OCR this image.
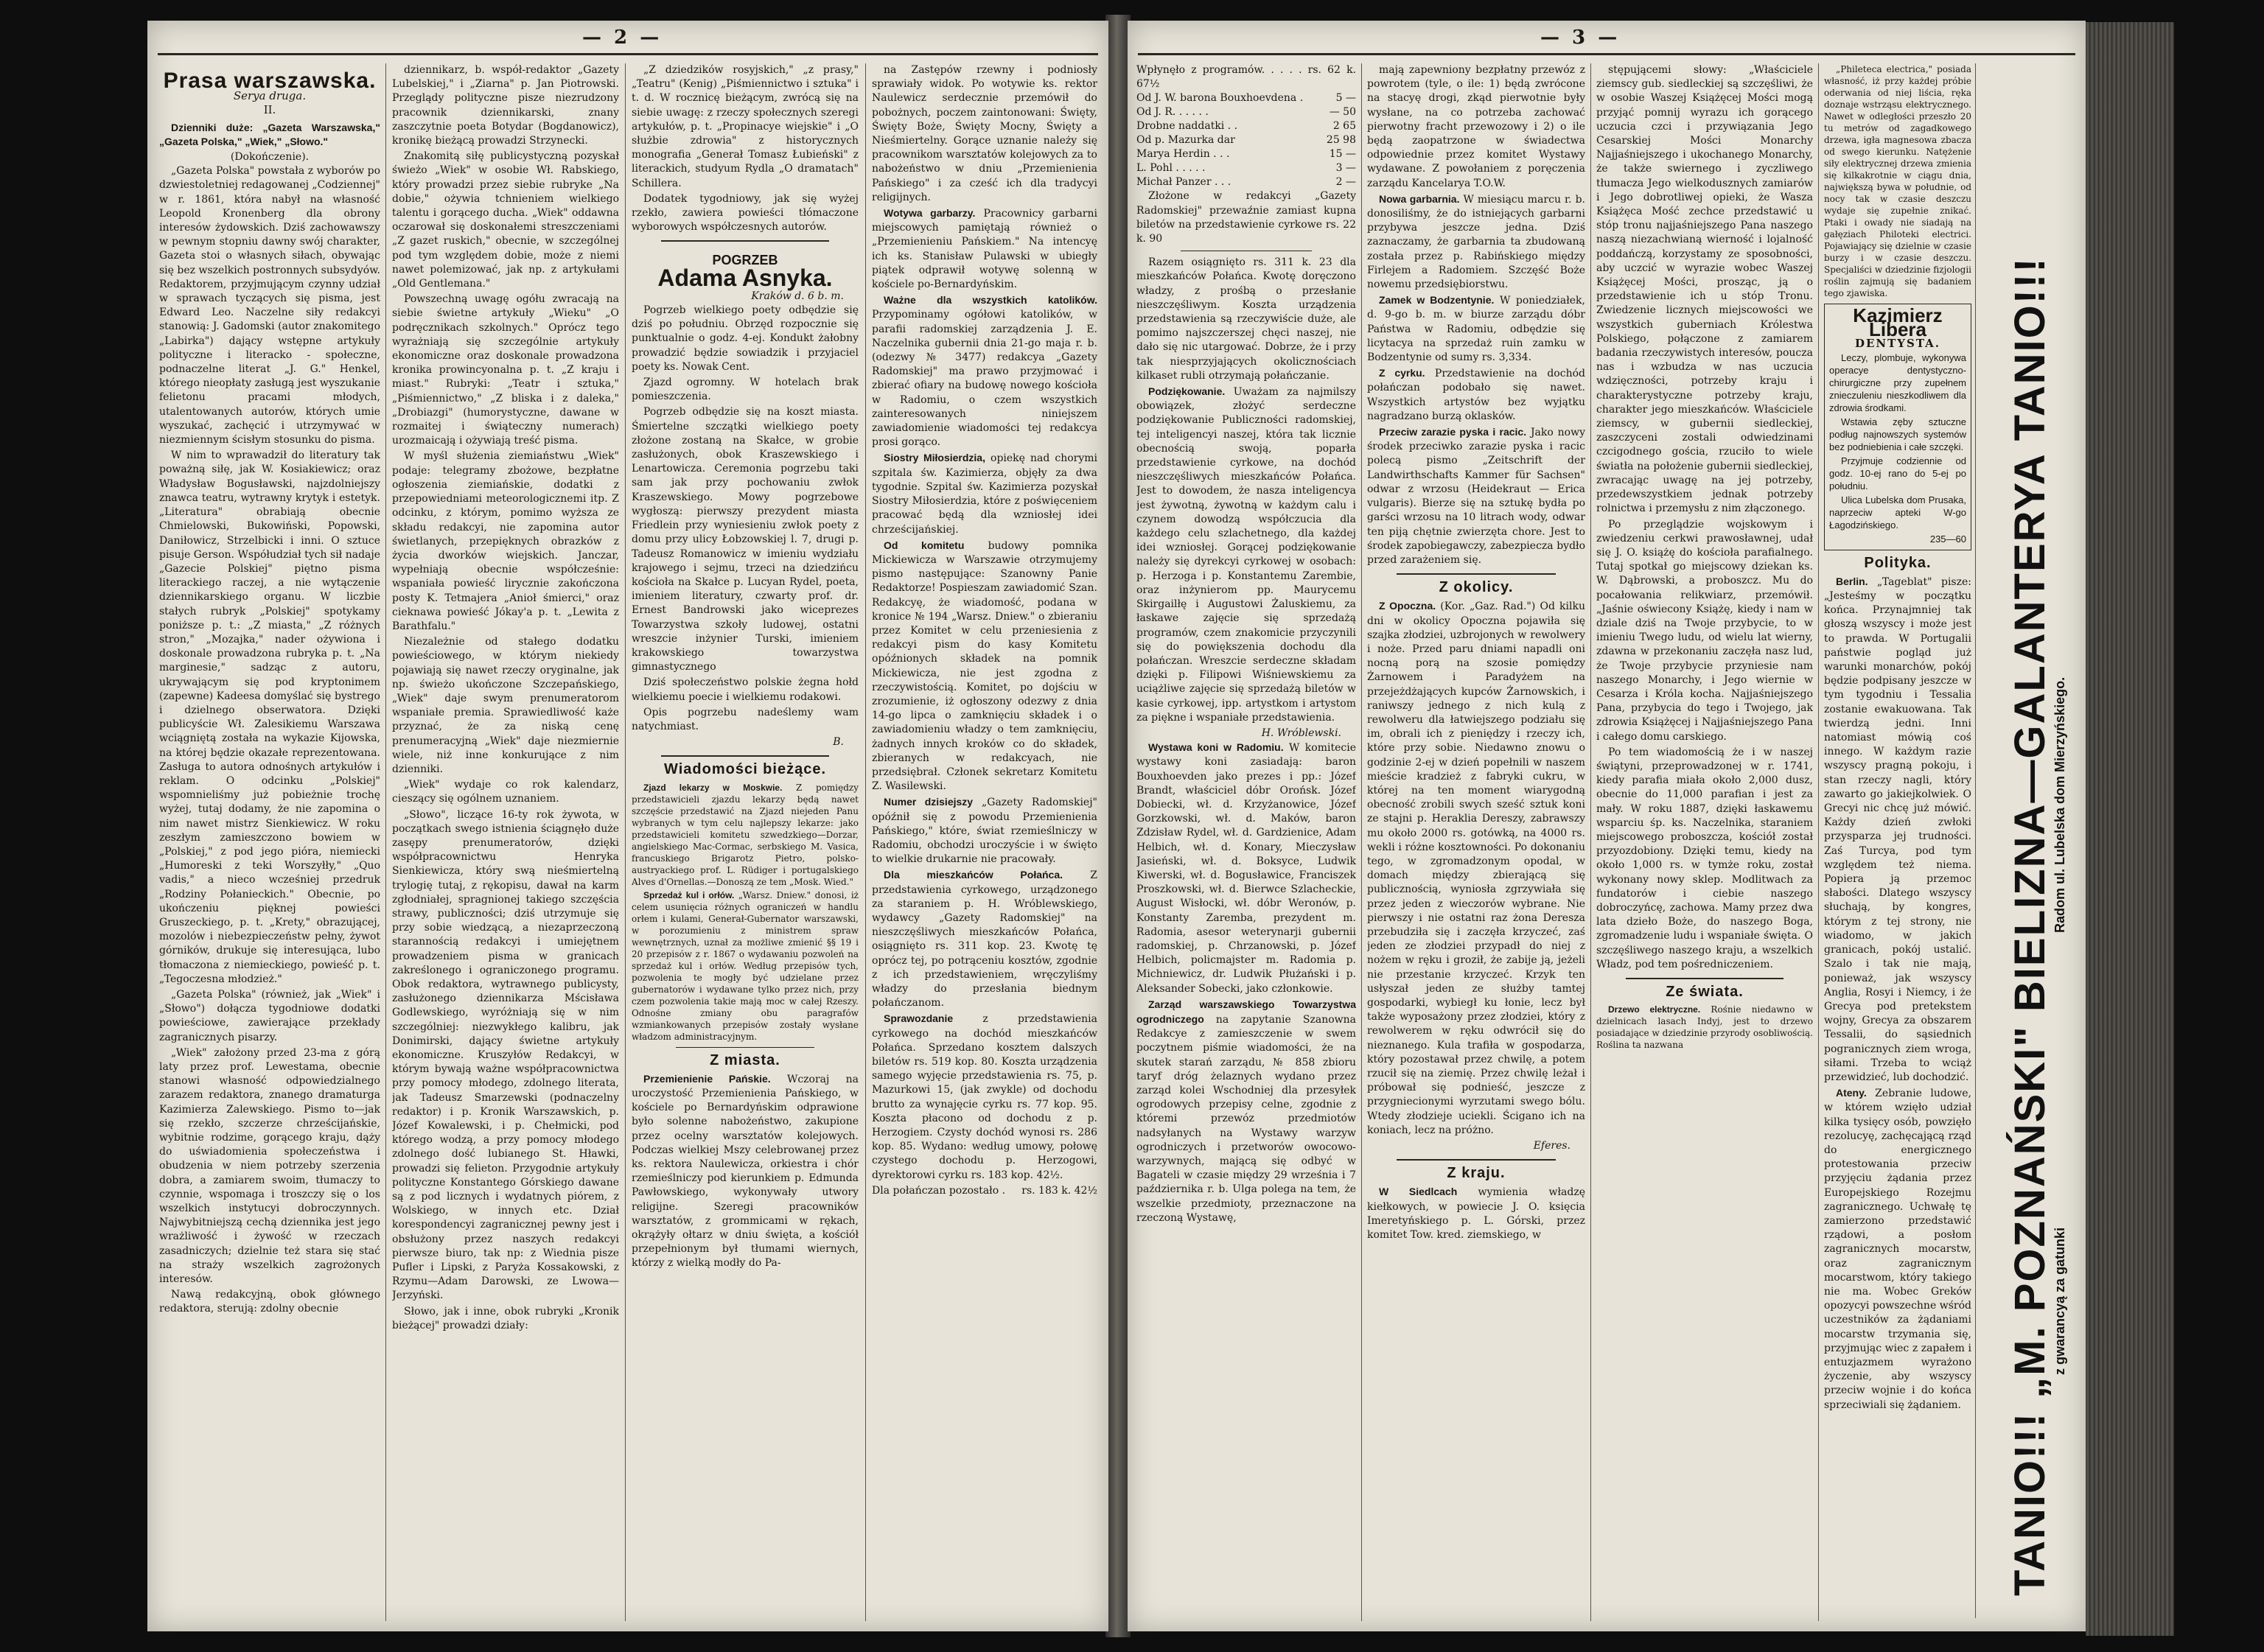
— 2 —
Prasa warszawska.
Serya druga.
II.

Dzienniki duże: „Gazeta Warszawska," „Gazeta Polska," „Wiek," „Słowo."

(Dokończenie).

„Gazeta Polska" powstała z wyborów po dzwiestoletniej redagowanej „Codziennej" w r. 1861, która nabył na własność Leopold Kronenberg dla obrony interesów żydowskich. Dziś zachowawszy w pewnym stopniu dawny swój charakter, Gazeta stoi o własnych siłach, obywając się bez wszelkich postronnych subsydyów. Redaktorem, przyjmującym czynny udział w sprawach tyczących się pisma, jest Edward Leo. Naczelne siły redakcyi stanowią: J. Gadomski (autor znakomitego „Labirka") dający wstępne artykuły polityczne i literacko - społeczne, podnaczelne literat „J. G." Henkel, którego nieopłaty zasługą jest wyszukanie felietonu pracami młodych, utalentowanych autorów, których umie wyszukać, zachęcić i utrzymywać w niezmiennym ścisłym stosunku do pisma.

W nim to wprawadził do literatury tak poważną siłę, jak W. Kosiakiewicz; oraz Władysław Bogusławski, najzdolniejszy znawca teatru, wytrawny krytyk i estetyk. „Literatura" obrabiają obecnie Chmielowski, Bukowiński, Popowski, Daniłowicz, Strzelbicki i inni. O sztuce pisuje Gerson. Współudział tych sił nadaje „Gazecie Polskiej" piętno pisma literackiego raczej, a nie wytączenie dziennikarskiego organu. W liczbie stałych rubryk „Polskiej" spotykamy poniższe p. t.: „Z miasta," „Z różnych stron," „Mozajka," nader ożywiona i doskonale prowadzona rubryka p. t. „Na marginesie," sadząc z autoru, ukrywającym się pod kryptonimem (zapewne) Kadeesa domyślać się bystrego i dzielnego obserwatora. Dzięki publicyście Wł. Zalesikiemu Warszawa wciągniętą została na wykazie Kijowska, na której będzie okazałe reprezentowana. Zasługa to autora odnośnych artykułów i reklam. O odcinku „Polskiej" wspomnieliśmy już pobieżnie trochę wyżej, tutaj dodamy, że nie zapomina o nim nawet mistrz Sienkiewicz. W roku zeszłym zamieszczono bowiem w „Polskiej," z pod jego pióra, niemiecki „Humoreski z teki Worszyłły," „Quo vadis," a nieco wcześniej przedruk „Rodziny Połanieckich." Obecnie, po ukończeniu pięknej powieści Gruszeckiego, p. t. „Krety," obrazującej, mozolów i niebezpieczeństw pełny, żywot górników, drukuje się interesująca, lubo tłomaczona z niemieckiego, powieść p. t. „Tegoczesna młodzież."

„Gazeta Polska" (również, jak „Wiek" i „Słowo") dołącza tygodniowe dodatki powieściowe, zawierające przekłady zagranicznych pisarzy.

„Wiek" założony przed 23-ma z górą laty przez prof. Lewestama, obecnie stanowi własność odpowiedzialnego zarazem redaktora, znanego dramaturga Kazimierza Zalewskiego. Pismo to—jak się rzekło, szczerze chrześcijańskie, wybitnie rodzime, gorącego kraju, dąży do uświadomienia społeczeństwa i obudzenia w niem potrzeby szerzenia dobra, a zamiarem swoim, tłumaczy to czynnie, wspomaga i troszczy się o los wszelkich instytucyi dobroczynnych. Najwybitniejszą cechą dziennika jest jego wrażliwość i żywość w rzeczach zasadniczych; dzielnie też stara się stać na straży wszelkich zagrożonych interesów.

Nawą redakcyjną, obok głównego redaktora, sterują: zdolny obecnie

dziennikarz, b. współ-redaktor „Gazety Lubelskiej," i „Ziarna" p. Jan Piotrowski. Przeglądy polityczne pisze niezrudzony pracownik dziennikarski, znany zaszczytnie poeta Botydar (Bogdanowicz), kronikę bieżącą prowadzi Strzynecki.

Znakomitą siłę publicystyczną pozyskał świeżo „Wiek" w osobie Wł. Rabskiego, który prowadzi przez siebie rubryke „Na dobie," ożywia tchnieniem wielkiego talentu i gorącego ducha. „Wiek" oddawna oczarował się doskonałemi streszczeniami „Z gazet ruskich," obecnie, w szczególnej pod tym względem dobie, może z niemi nawet polemizować, jak np. z artykułami „Old Gentlemana."

Powszechną uwagę ogółu zwracają na siebie świetne artykuły „Wieku" „O podręcznikach szkolnych." Oprócz tego wyrażniają się szczególnie artykuły ekonomiczne oraz doskonale prowadzona kronika prowincyonalna p. t. „Z kraju i miast." Rubryki: „Teatr i sztuka," „Piśmiennictwo," „Z bliska i z daleka," „Drobiazgi" (humorystyczne, dawane w rozmaitej i świąteczny numerach) urozmaicają i ożywiają treść pisma.

W myśl służenia ziemiaństwu „Wiek" podaje: telegramy zbożowe, bezpłatne ogłoszenia ziemiańskie, dodatki z przepowiedniami meteorologicznemi itp. Z odcinku, z którym, pomimo wyższa ze składu redakcyi, nie zapomina autor świetlanych, przepięknych obrazków z życia dworków wiejskich. Janczar, wypełniają obecnie współcześnie: wspaniała powieść lirycznie zakończona posty K. Tetmajera „Anioł śmierci," oraz cieknawa powieść Jókay'a p. t. „Lewita z Barathfalu."

Niezależnie od stałego dodatku powieściowego, w którym niekiedy pojawiają się nawet rzeczy oryginalne, jak np. świeżo ukończone Szczepańskiego, „Wiek" daje swym prenumeratorom wspaniałe premia. Sprawiedliwość każe przyznać, że za niską cenę prenumeracyjną „Wiek" daje niezmiernie wiele, niż inne konkurujące z nim dzienniki.

„Wiek" wydaje co rok kalendarz, cieszący się ogólnem uznaniem.

„Słowo", liczące 16-ty rok żywota, w początkach swego istnienia ściągnęło duże zasępy prenumeratorów, dzięki współpracownictwu Henryka Sienkiewicza, który swą nieśmiertelną trylogię tutaj, z rękopisu, dawał na karm zgłodniałej, spragnionej takiego szczęścia strawy, publiczności; dziś utrzymuje się przy sobie wiedzącą, a niezaprzeczoną starannością redakcyi i umiejętnem prowadzeniem pisma w granicach zakreślonego i ograniczonego programu. Obok redaktora, wytrawnego publicysty, zasłużonego dziennikarza Mścisława Godlewskiego, wyróżniają się w nim szczególniej: niezwykłego kalibru, jak Donimirski, dający świetne artykuły ekonomiczne. Kruszyłów Redakcyi, w którym bywają ważne współpracownictwa przy pomocy młodego, zdolnego literata, jak Tadeusz Smarzewski (podnaczelny redaktor) i p. Kronik Warszawskich, p. Józef Kowalewski, i p. Chełmicki, pod którego wodzą, a przy pomocy młodego zdolnego dość lubianego St. Hławki, prowadzi się felieton. Przygodnie artykuły polityczne Konstantego Górskiego dawane są z pod licznych i wydatnych piórem, z Wolskiego, w innych etc. Dział korespondencyi zagranicznej pewny jest i obsłużony przez naszych redakcyi pierwsze biuro, tak np: z Wiednia pisze Pufler i Lipski, z Paryża Kossakowski, z Rzymu—Adam Darowski, ze Lwowa—Jerzyński.

Słowo, jak i inne, obok rubryki „Kronik bieżącej" prowadzi działy:

„Z dziedzików rosyjskich," „z prasy," „Teatru" (Kenig) „Piśmiennictwo i sztuka" i t. d. W rocznicę bieżącym, zwrócą się na siebie uwagę: z rzeczy społecznych szeregi artykułów, p. t. „Propinacye wiejskie" i „O służbie zdrowia" z historycznych monografia „Generał Tomasz Łubieński" z literackich, studyum Rydla „O dramatach" Schillera.

Dodatek tygodniowy, jak się wyżej rzekło, zawiera powieści tłómaczone wyborowych współczesnych autorów.

POGRZEB
Adama Asnyka.
Kraków d. 6 b. m.

Pogrzeb wielkiego poety odbędzie się dziś po południu. Obrzęd rozpocznie się punktualnie o godz. 4-ej. Kondukt żałobny prowadzić będzie sowiadzik i przyjaciel poety ks. Nowak Cent.

Zjazd ogromny. W hotelach brak pomieszczenia.

Pogrzeb odbędzie się na koszt miasta. Śmiertelne szczątki wielkiego poety złożone zostaną na Skałce, w grobie zasłużonych, obok Kraszewskiego i Lenartowicza. Ceremonia pogrzebu taki sam jak przy pochowaniu zwłok Kraszewskiego. Mowy pogrzebowe wygłoszą: pierwszy prezydent miasta Friedlein przy wyniesieniu zwłok poety z domu przy ulicy Łobzowskiej l. 7, drugi p. Tadeusz Romanowicz w imieniu wydziału krajowego i sejmu, trzeci na dziedzińcu kościoła na Skałce p. Lucyan Rydel, poeta, imieniem literatury, czwarty prof. dr. Ernest Bandrowski jako wiceprezes Towarzystwa szkoły ludowej, ostatni wreszcie inżynier Turski, imieniem krakowskiego towarzystwa gimnastycznego

Dziś społeczeństwo polskie żegna hołd wielkiemu poecie i wielkiemu rodakowi.

Opis pogrzebu nadeślemy wam natychmiast.

B.
Wiadomości bieżące.

Zjazd lekarzy w Moskwie. Z pomiędzy przedstawicieli zjazdu lekarzy będą nawet szczęście przedstawić na Zjazd niejeden Panu wybranych w tym celu najlepszy lekarze: jako przedstawicieli komitetu szwedzkiego—Dorzar, angielskiego Mac-Cormac, serbskiego M. Vasica, francuskiego Brigarotz Pietro, polsko-austryackiego prof. L. Rüdiger i portugalskiego Alves d'Ornellas.—Donoszą ze tem „Mosk. Wied."

Sprzedaż kul i orłów. „Warsz. Dniew." donosi, iż celem usunięcia różnych ograniczeń w handlu orłem i kulami, Generał-Gubernator warszawski, w porozumieniu z ministrem spraw wewnętrznych, uznał za możliwe zmienić §§ 19 i 20 przepisów z r. 1867 o wydawaniu pozwoleń na sprzedaż kul i orłów. Według przepisów tych, pozwolenia te mogły być udzielane przez gubernatorów i wydawane tylko przez nich, przy czem pozwolenia takie mają moc w całej Rzeszy. Odnośne zmiany obu paragrafów wzmiankowanych przepisów zostały wysłane władzom administracyjnym.

Z miasta.

Przemienienie Pańskie. Wczoraj na uroczystość Przemienienia Pańskiego, w kościele po Bernardyńskim odprawione było solenne nabożeństwo, zakupione przez ocelny warsztatów kolejowych. Podczas wielkiej Mszy celebrowanej przez ks. rektora Naulewicza, orkiestra i chór rzemieślniczy pod kierunkiem p. Edmunda Pawłowskiego, wykonywały utwory religijne. Szeregi pracowników warsztatów, z grommicami w rękach, okrążyły ołtarz w dniu święta, a kościół przepełnionym był tłumami wiernych, którzy z wielką modły do Pa-

na Zastępów rzewny i podniosły sprawiały widok. Po wotywie ks. rektor Naulewicz serdecznie przemówił do pobożnych, poczem zaintonowani: Święty, Święty Boże, Święty Mocny, Święty a Nieśmiertelny. Gorące uznanie należy się pracownikom warsztatów kolejowych za to nabożeństwo w dniu „Przemienienia Pańskiego" i za cześć ich dla tradycyi religijnych.

Wotywa garbarzy. Pracownicy garbarni miejscowych pamiętają również o „Przemienieniu Pańskiem." Na intencyę ich ks. Stanisław Pulawski w ubiegły piątek odprawił wotywę solenną w kościele po-Bernardyńskim.

Ważne dla wszystkich katolików. Przypominamy ogółowi katolików, w parafii radomskiej zarządzenia J. E. Naczelnika gubernii dnia 21-go maja r. b. (odezwy № 3477) redakcya „Gazety Radomskiej" ma prawo przyjmować i zbierać ofiary na budowę nowego kościoła w Radomiu, o czem wszystkich zainteresowanych niniejszem zawiadomienie wiadomości tej redakcya prosi gorąco.

Siostry Miłosierdzia, opiekę nad chorymi szpitala św. Kazimierza, objęły za dwa tygodnie. Szpital św. Kazimierza pozyskał Siostry Miłosierdzia, które z poświęceniem pracować będą dla wzniosłej idei chrześcijańskiej.

Od komitetu budowy pomnika Mickiewicza w Warszawie otrzymujemy pismo następujące: Szanowny Panie Redaktorze! Pospieszam zawiadomić Szan. Redakcyę, że wiadomość, podana w kronice № 194 „Warsz. Dniew." o zbieraniu przez Komitet w celu przeniesienia z redakcyi pism do kasy Komitetu opóźnionych składek na pomnik Mickiewicza, nie jest zgodna z rzeczywistością. Komitet, po dojściu w zrozumienie, iż ogłoszony odezwy z dnia 14-go lipca o zamknięciu składek i o zawiadomieniu władzy o tem zamknięciu, żadnych innych kroków co do składek, zbieranych w redakcyach, nie przedsiębrał. Członek sekretarz Komitetu Z. Wasilewski.

Numer dzisiejszy „Gazety Radomskiej" opóźnił się z powodu Przemienienia Pańskiego," które, świat rzemieślniczy w Radomiu, obchodzi uroczyście i w święto to wielkie drukarnie nie pracowały.

Dla mieszkańców Połańca. Z przedstawienia cyrkowego, urządzonego za staraniem p. H. Wróblewskiego, wydawcy „Gazety Radomskiej" na nieszczęśliwych mieszkańców Połańca, osiągnięto rs. 311 kop. 23. Kwotę tę oprócz tej, po potrąceniu kosztów, zgodnie z ich przedstawieniem, wręczyliśmy władzy do przesłania biednym połańczanom.

Sprawozdanie z przedstawienia cyrkowego na dochód mieszkańców Połańca. Sprzedano kosztem dalszych biletów rs. 519 kop. 80. Koszta urządzenia samego wyjęcie przedstawienia rs. 75, p. Mazurkowi 15, (jak zwykle) od dochodu brutto za wynajęcie cyrku rs. 77 kop. 95. Koszta płacono od dochodu z p. Herzogiem. Czysty dochód wynosi rs. 286 kop. 85. Wydano: według umowy, połowę czystego dochodu p. Herzogowi, dyrektorowi cyrku rs. 183 kop. 42½.

Dla połańczan pozostało .	rs. 183 k. 42½
— 3 —
Wpłynęło z programów. . . . . rs. 62 k. 67½
Od J. W. barona Bouxhoevdena .	5 —
Od J. R. . . . . .	— 50
Drobne naddatki . .	2 65
Od p. Mazurka dar	25 98
Marya Herdin . . .	15 —
L. Pohl . . . . .	3 —
Michał Panzer . . .	2 —

Złożone w redakcyi „Gazety Radomskiej" przewaźnie zamiast kupna biletów na przedstawienie cyrkowe rs. 22 k. 90

Razem osiągnięto rs. 311 k. 23 dla mieszkańców Połańca. Kwotę doręczono władzy, z prośbą o przesłanie nieszczęśliwym. Koszta urządzenia przedstawienia są rzeczywiście duże, ale pomimo najszczerszej chęci naszej, nie dało się nic utargować. Dobrze, że i przy tak niesprzyjających okolicznościach kilkaset rubli otrzymają połańczanie.

Podziękowanie. Uważam za najmilszy obowiązek, złożyć serdeczne podziękowanie Publiczności radomskiej, tej inteligencyi naszej, która tak licznie obecnością swoją, poparła przedstawienie cyrkowe, na dochód nieszczęśliwych mieszkańców Połańca. Jest to dowodem, że nasza inteligencya jest żywotną, żywotną w każdym calu i czynem dowodzą współczucia dla każdego celu szlachetnego, dla każdej idei wzniosłej. Gorącej podziękowanie należy się dyrekcyi cyrkowej w osobach: p. Herzoga i p. Konstantemu Zarembie, oraz inżynierom pp. Maurycemu Skirgailłę i Augustowi Żaluskiemu, za łaskawe zajęcie się sprzedażą programów, czem znakomicie przyczynili się do powiększenia dochodu dla połańczan. Wreszcie serdeczne składam dzięki p. Filipowi Wiśniewskiemu za uciążliwe zajęcie się sprzedażą biletów w kasie cyrkowej, ipp. artystkom i artystom za piękne i wspaniałe przedstawienia.

H. Wróblewski.

Wystawa koni w Radomiu. W komitecie wystawy koni zasiadają: baron Bouxhoevden jako prezes i pp.: Józef Brandt, właściciel dóbr Orońsk. Józef Dobiecki, wł. d. Krzyżanowice, Józef Gorzkowski, wł. d. Maków, baron Zdzisław Rydel, wł. d. Gardzienice, Adam Helbich, wł. d. Konary, Mieczysław Jasieński, wł. d. Boksyce, Ludwik Kiwerski, wł. d. Bogusławice, Franciszek Proszkowski, wł. d. Bierwce Szlacheckie, August Wisłocki, wł. dóbr Weronów, p. Konstanty Zaremba, prezydent m. Radomia, asesor weterynarji gubernii radomskiej, p. Chrzanowski, p. Józef Helbich, policmajster m. Radomia p. Michniewicz, dr. Ludwik Płużański i p. Aleksander Sobecki, jako członkowie.

Zarząd warszawskiego Towarzystwa ogrodniczego na zapytanie Szanowna Redakcye z zamieszczenie w swem poczytnem piśmie wiadomości, że na skutek starań zarządu, № 858 zbioru taryf dróg żelaznych wydano przez zarząd kolei Wschodniej dla przesyłek ogrodowych przepisy celne, zgodnie z któremi przewóz przedmiotów nadsyłanych na Wystawy warzyw ogrodniczych i przetworów owocowo-warzywnych, mającą się odbyć w Bagateli w czasie między 29 września i 7 października r. b. Ulga polega na tem, że wszelkie przedmioty, przeznaczone na rzeczoną Wystawę,

mają zapewniony bezpłatny przewóz z powrotem (tyle, o ile: 1) będą zwrócone na stacyę drogi, zkąd pierwotnie były wysłane, na co potrzeba zachować pierwotny fracht przewozowy i 2) o ile będą zaopatrzone w świadectwa odpowiednie przez komitet Wystawy wydawane. Z powołaniem z poręczenia zarządu Kancelarya T.O.W.

Nowa garbarnia. W miesiącu marcu r. b. donosiliśmy, że do istniejących garbarni przybywa jeszcze jedna. Dziś zaznaczamy, że garbarnia ta zbudowaną została przez p. Rabińskiego między Firlejem a Radomiem. Szczęść Boże nowemu przedsiębiorstwu.

Zamek w Bodzentynie. W poniedziałek, d. 9-go b. m. w biurze zarządu dóbr Państwa w Radomiu, odbędzie się licytacya na sprzedaż ruin zamku w Bodzentynie od sumy rs. 3,334.

Z cyrku. Przedstawienie na dochód połańczan podobało się nawet. Wszystkich artystów bez wyjątku nagradzano burzą oklasków.

Przeciw zarazie pyska i racic. Jako nowy środek przeciwko zarazie pyska i racic polecą pismo „Zeitschrift der Landwirthschafts Kammer für Sachsen" odwar z wrzosu (Heidekraut — Erica vulgaris). Bierze się na sztukę bydła po garści wrzosu na 10 litrach wody, odwar ten piją chętnie zwierzęta chore. Jest to środek zapobiegawczy, zabezpiecza bydło przed zarażeniem się.

Z okolicy.

Z Opoczna. (Kor. „Gaz. Rad.") Od kilku dni w okolicy Opoczna pojawiła się szajka złodziei, uzbrojonych w rewolwery i noże. Przed paru dniami napadli oni nocną porą na szosie pomiędzy Żarnowem i Paradyżem na przejeżdżających kupców Żarnowskich, i raniwszy jednego z nich kulą z rewolweru dla łatwiejszego podziału się im, obrali ich z pieniędzy i rzeczy ich, które przy sobie. Niedawno znowu o godzinie 2-ej w dzień popełnili w naszem mieście kradzież z fabryki cukru, w której na ten moment wiarygodną obecność zrobili swych sześć sztuk koni ze stajni p. Heraklia Dereszy, zabrawszy mu około 2000 rs. gotówką, na 4000 rs. wekli i różne kosztowności. Po dokonaniu tego, w zgromadzonym opodal, w domach między zbierającą się publicznością, wyniosła zgrzywiała się przez jeden z wieczorów wybrane. Nie pierwszy i nie ostatni raz żona Deresza przebudziła się i zaczęła krzyczeć, zaś jeden ze złodziei przypadł do niej z nożem w ręku i groził, że zabije ją, jeżeli nie przestanie krzyczeć. Krzyk ten usłyszał jeden ze służby tamtej gospodarki, wybiegł ku łonie, lecz był także wyposażony przez złodziei, który z rewolwerem w ręku odwrócił się do nieznanego. Kula trafiła w gospodarza, który pozostawał przez chwilę, a potem rzucił się na ziemię. Przez chwilę leżał i próbował się podnieść, jeszcze z przygniecionymi wyrzutami swego bólu. Wtedy złodzieje uciekli. Ścigano ich na koniach, lecz na próżno.

Eferes.
Z kraju.

W Siedlcach wymienia władzę kiełkowych, w powiecie J. O. księcia Imeretyńskiego p. L. Górski, przez komitet Tow. kred. ziemskiego, w

stępującemi słowy: „Właściciele ziemscy gub. siedleckiej są szczęśliwi, że w osobie Waszej Książęcej Mości mogą przyjąć pomnij wyrazu ich gorącego uczucia czci i przywiązania Jego Cesarskiej Mości Monarchy Najjaśniejszego i ukochanego Monarchy, że także swiernego i zyczliwego tłumacza Jego wielkodusznych zamiarów i Jego dobrotliwej opieki, że Wasza Książęca Mość zechce przedstawić u stóp tronu najjaśniejszego Pana naszego naszą niezachwianą wierność i lojalność poddańczą, korzystamy ze sposobności, aby uczcić w wyrazie wobec Waszej Książęcej Mości, prosząc, ją o przedstawienie ich u stóp Tronu. Zwiedzenie licznych miejscowości we wszystkich guberniach Królestwa Polskiego, połączone z zamiarem badania rzeczywistych interesów, poucza nas i wzbudza w nas uczucia wdzięczności, potrzeby kraju i charakterystyczne potrzeby kraju, charakter jego mieszkańców. Właściciele ziemscy, w gubernii siedleckiej, zaszczyceni zostali odwiedzinami czcigodnego gościa, rzuciło to wiele światła na położenie gubernii siedleckiej, zwracając uwagę na jej potrzeby, przedewszystkiem jednak potrzeby rolnictwa i przemysłu z nim złączonego.

Po przeglądzie wojskowym i zwiedzeniu cerkwi prawosławnej, udał się J. O. książę do kościoła parafialnego. Tutaj spotkał go miejscowy dziekan ks. W. Dąbrowski, a proboszcz. Mu do pocałowania relikwiarz, przemówił. „Jaśnie oświecony Książę, kiedy i nam w dziale dziś na Twoje przybycie, to w imieniu Twego ludu, od wielu lat wierny, zdawna w przekonaniu zaczęła nasz lud, że Twoje przybycie przyniesie nam naszego Monarchy, i Jego wiernie w Cesarza i Króla kocha. Najjaśniejszego Pana, przybycia do tego i Twojego, jak zdrowia Książęcej i Najjaśniejszego Pana i całego domu carskiego.

Po tem wiadomością że i w naszej świątyni, przeprowadzonej w r. 1741, kiedy parafia miała około 2,000 dusz, obecnie do 11,000 parafian i jest za mały. W roku 1887, dzięki łaskawemu wsparciu śp. ks. Naczelnika, staraniem miejscowego proboszcza, kościół został przyozdobiony. Dzięki temu, kiedy na około 1,000 rs. w tymże roku, został wykonany nowy sklep. Modlitwach za fundatorów i ciebie naszego dobroczyńcę, zachowa. Mamy przez dwa lata dzieło Boże, do naszego Boga, zgromadzenie ludu i wspaniałe święta. O szczęśliwego naszego kraju, a wszelkich Władz, pod tem pośredniczeniem.

Ze świata.

Drzewo elektryczne. Rośnie niedawno w dzielnicach lasach Indyj, jest to drzewo posiadające w dziedzinie przyrody osobliwością. Roślina ta nazwana

„Phileteca electrica," posiada własność, iż przy każdej próbie oderwania od niej liścia, ręka doznaje wstrząsu elektrycznego. Nawet w odległości przeszło 20 tu metrów od zagadkowego drzewa, igła magnesowa zbacza od swego kierunku. Natężenie siły elektrycznej drzewa zmienia się kilkakrotnie w ciągu dnia, największą bywa w południe, od nocy tak w czasie deszczu wydaje się zupełnie znikać. Ptaki i owady nie siadają na gałęziach Philoteki electrici. Pojawiający się dzielnie w czasie burzy i w czasie deszczu. Specjaliści w dziedzinie fizjologii roślin zajmują się badaniem tego zjawiska.

Kazimierz Libera
DENTYSTA.

Leczy, plombuje, wykonywa operacye dentystyczno-chirurgiczne przy zupełnem znieczuleniu nieszkodliwem dla zdrowia środkami.

Wstawia zęby sztuczne podług najnowszych systemów bez podniebienia i całe szczęki.

Przyjmuje codziennie od godz. 10-ej rano do 5-ej po południu.

Ulica Lubelska dom Prusaka, naprzeciw apteki W-go Łagodzińskiego.

235—60
Polityka.

Berlin. „Tageblat" pisze: „Jesteśmy w początku końca. Przynajmniej tak głoszą wszyscy i może jest to prawda. W Portugalii państwie pogląd już warunki monarchów, pokój będzie podpisany jeszcze w tym tygodniu i Tessalia zostanie ewakuowana. Tak twierdzą jedni. Inni natomiast mówią coś innego. W każdym razie wszyscy pragną pokoju, i stan rzeczy nagli, który zawarto go jakiejkolwiek. O Grecyi nic chcę już mówić. Każdy dzień zwłoki przysparza jej trudności. Zaś Turcya, pod tym względem też niema. Popiera ją przemoc słabości. Dlatego wszyscy słuchają, by kongres, którym z tej strony, nie wiadomo, w jakich granicach, pokój ustalić. Szalo i tak nie mają, ponieważ, jak wszyscy Anglia, Rosyi i Niemcy, i że Grecya pod pretekstem wojny, Grecya za obszarem Tessalii, do sąsiednich pogranicznych ziem wroga, siłami. Trzeba to wciąż przewidzieć, lub dochodzić.

Ateny. Zebranie ludowe, w którem wzięło udział kilka tysięcy osób, powzięło rezolucyę, zachęcającą rząd do energicznego protestowania przeciw przyjęciu żądania przez Europejskiego Rozejmu zagranicznego. Uchwałę tę zamierzono przedstawić rządowi, a posłom zagranicznych mocarstw, oraz zagranicznym mocarstwom, który takiego nie ma. Wobec Greków opozycyi powszechne wśród uczestników za żądaniami mocarstw trzymania się, przyjmując wiec z zapałem i entuzjazmem wyrażono życzenie, aby wszyscy przeciw wojnie i do końca sprzeciwiali się żądaniem. TANIO!!! „M. POZNAŃSKI" BIELIZNA—GALANTERYA TANIO!!!
z gwarancyą za gatunki
Radom ul. Lubelska dom Mierzyńskiego.
